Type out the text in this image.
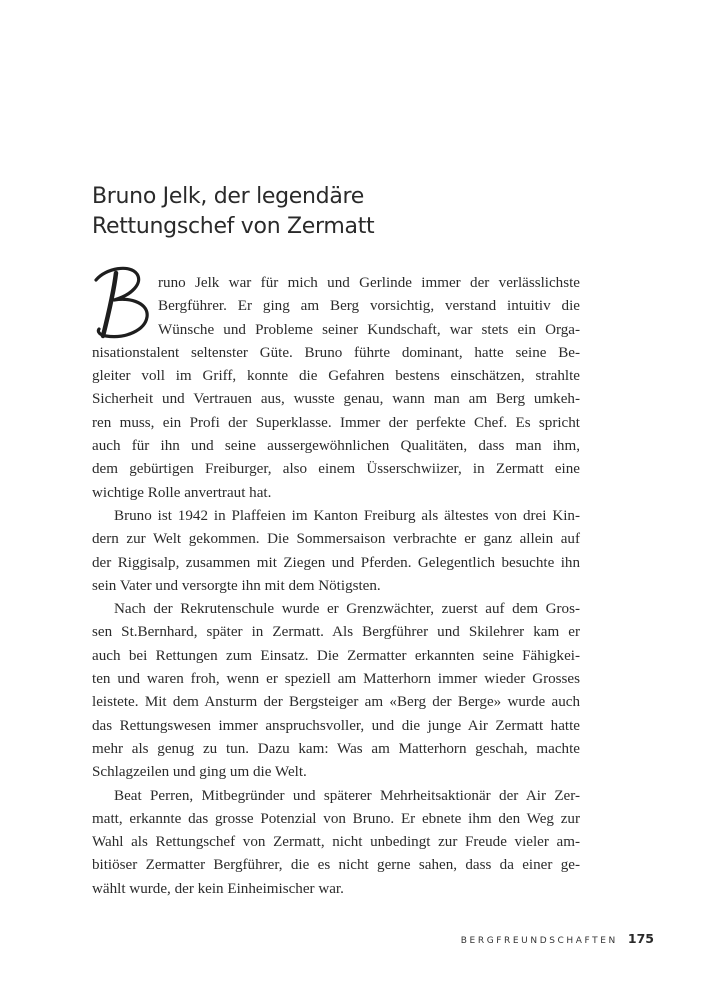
Bruno Jelk, der legendäre
Rettungschef von Zermatt
runo Jelk war für mich und Gerlinde immer der verlässlichste
Bergführer. Er ging am Berg vorsichtig, verstand intuitiv die
Wünsche und Probleme seiner Kundschaft, war stets ein Orga-
nisationstalent seltenster Güte. Bruno führte dominant, hatte seine Be-
gleiter voll im Griff, konnte die Gefahren bestens einschätzen, strahlte
Sicherheit und Vertrauen aus, wusste genau, wann man am Berg umkeh-
ren muss, ein Profi der Superklasse. Immer der perfekte Chef. Es spricht
auch für ihn und seine aussergewöhnlichen Qualitäten, dass man ihm,
dem gebürtigen Freiburger, also einem Üsserschwiizer, in Zermatt eine
wichtige Rolle anvertraut hat.
Bruno ist 1942 in Plaffeien im Kanton Freiburg als ältestes von drei Kin-
dern zur Welt gekommen. Die Sommersaison verbrachte er ganz allein auf
der Riggisalp, zusammen mit Ziegen und Pferden. Gelegentlich besuchte ihn
sein Vater und versorgte ihn mit dem Nötigsten.
Nach der Rekrutenschule wurde er Grenzwächter, zuerst auf dem Gros-
sen St.Bernhard, später in Zermatt. Als Bergführer und Skilehrer kam er
auch bei Rettungen zum Einsatz. Die Zermatter erkannten seine Fähigkei-
ten und waren froh, wenn er speziell am Matterhorn immer wieder Grosses
leistete. Mit dem Ansturm der Bergsteiger am «Berg der Berge» wurde auch
das Rettungswesen immer anspruchsvoller, und die junge Air Zermatt hatte
mehr als genug zu tun. Dazu kam: Was am Matterhorn geschah, machte
Schlagzeilen und ging um die Welt.
Beat Perren, Mitbegründer und späterer Mehrheitsaktionär der Air Zer-
matt, erkannte das grosse Potenzial von Bruno. Er ebnete ihm den Weg zur
Wahl als Rettungschef von Zermatt, nicht unbedingt zur Freude vieler am-
bitiöser Zermatter Bergführer, die es nicht gerne sahen, dass da einer ge-
wählt wurde, der kein Einheimischer war.
BERGFREUNDSCHAFTEN 175
